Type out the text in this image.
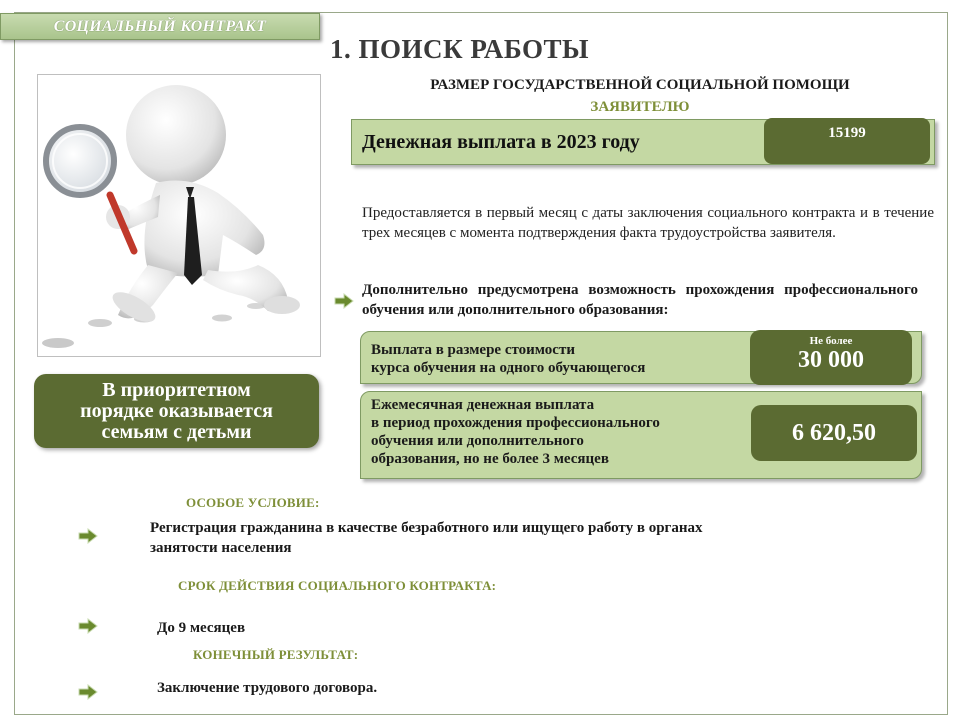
СОЦИАЛЬНЫЙ КОНТРАКТ
1. ПОИСК РАБОТЫ
В приоритетном
порядке оказывается
семьям с детьми
РАЗМЕР ГОСУДАРСТВЕННОЙ СОЦИАЛЬНОЙ ПОМОЩИ
ЗАЯВИТЕЛЮ
Денежная выплата в 2023 году	15199
Предоставляется в первый месяц с даты заключения социального контракта и в течение трех месяцев с момента подтверждения факта трудоустройства заявителя.
Дополнительно предусмотрена возможность прохождения профессионального обучения или дополнительного образования:
Выплата в размере стоимости
курса обучения на одного обучающегося
Не более
30 000
Ежемесячная денежная выплата
в период прохождения профессионального
обучения или дополнительного
образования, но не более 3 месяцев
6 620,50
ОСОБОЕ УСЛОВИЕ:
Регистрация гражданина в качестве безработного или ищущего работу в органах
занятости населения
СРОК ДЕЙСТВИЯ СОЦИАЛЬНОГО КОНТРАКТА:
До 9 месяцев
КОНЕЧНЫЙ РЕЗУЛЬТАТ:
Заключение трудового договора.
